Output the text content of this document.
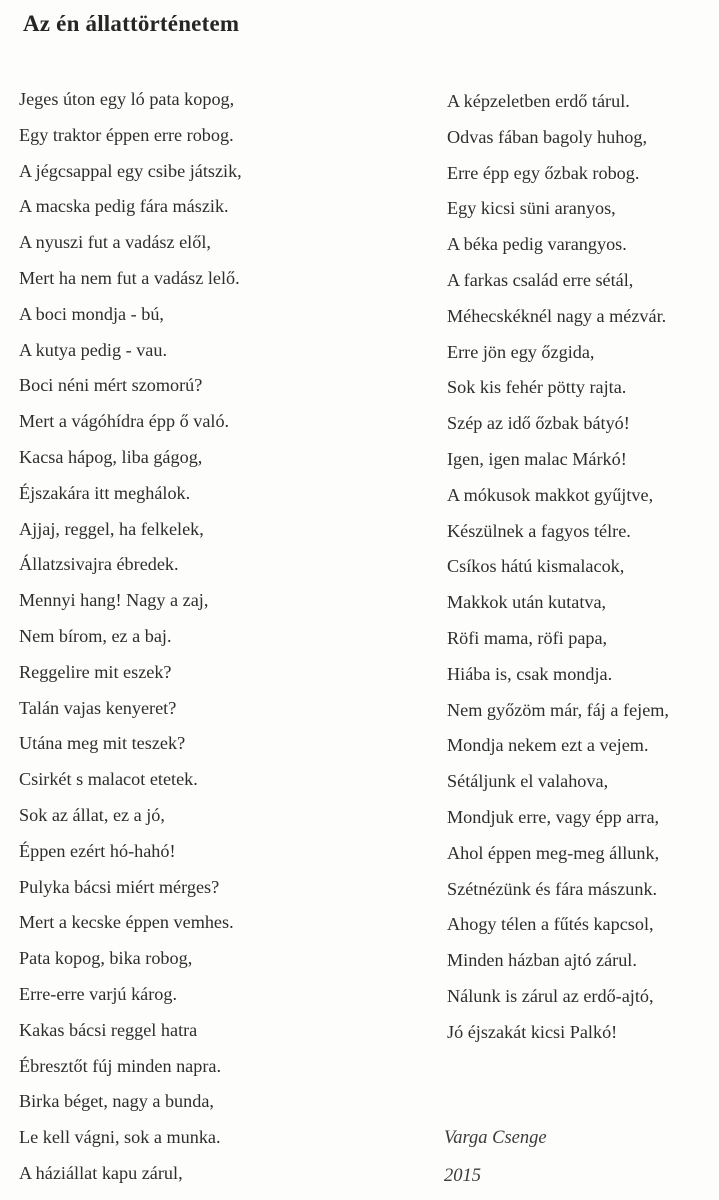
Az én állattörténetem
Jeges úton egy ló pata kopog,
Egy traktor éppen erre robog.
A jégcsappal egy csibe játszik,
A macska pedig fára mászik.
A nyuszi fut a vadász elől,
Mert ha nem fut a vadász lelő.
A boci mondja - bú,
A kutya pedig - vau.
Boci néni mért szomorú?
Mert a vágóhídra épp ő való.
Kacsa hápog, liba gágog,
Éjszakára itt meghálok.
Ajjaj, reggel, ha felkelek,
Állatzsivajra ébredek.
Mennyi hang! Nagy a zaj,
Nem bírom, ez a baj.
Reggelire mit eszek?
Talán vajas kenyeret?
Utána meg mit teszek?
Csirkét s malacot etetek.
Sok az állat, ez a jó,
Éppen ezért hó-hahó!
Pulyka bácsi miért mérges?
Mert a kecske éppen vemhes.
Pata kopog, bika robog,
Erre-erre varjú károg.
Kakas bácsi reggel hatra
Ébresztőt fúj minden napra.
Birka béget, nagy a bunda,
Le kell vágni, sok a munka.
A háziállat kapu zárul,
A képzeletben erdő tárul.
Odvas fában bagoly huhog,
Erre épp egy őzbak robog.
Egy kicsi süni aranyos,
A béka pedig varangyos.
A farkas család erre sétál,
Méhecskéknél nagy a mézvár.
Erre jön egy őzgida,
Sok kis fehér pötty rajta.
Szép az idő őzbak bátyó!
Igen, igen malac Márkó!
A mókusok makkot gyűjtve,
Készülnek a fagyos télre.
Csíkos hátú kismalacok,
Makkok után kutatva,
Röfi mama, röfi papa,
Hiába is, csak mondja.
Nem győzöm már, fáj a fejem,
Mondja nekem ezt a vejem.
Sétáljunk el valahova,
Mondjuk erre, vagy épp arra,
Ahol éppen meg-meg állunk,
Szétnézünk és fára mászunk.
Ahogy télen a fűtés kapcsol,
Minden házban ajtó zárul.
Nálunk is zárul az erdő-ajtó,
Jó éjszakát kicsi Palkó!

Varga Csenge

2015
